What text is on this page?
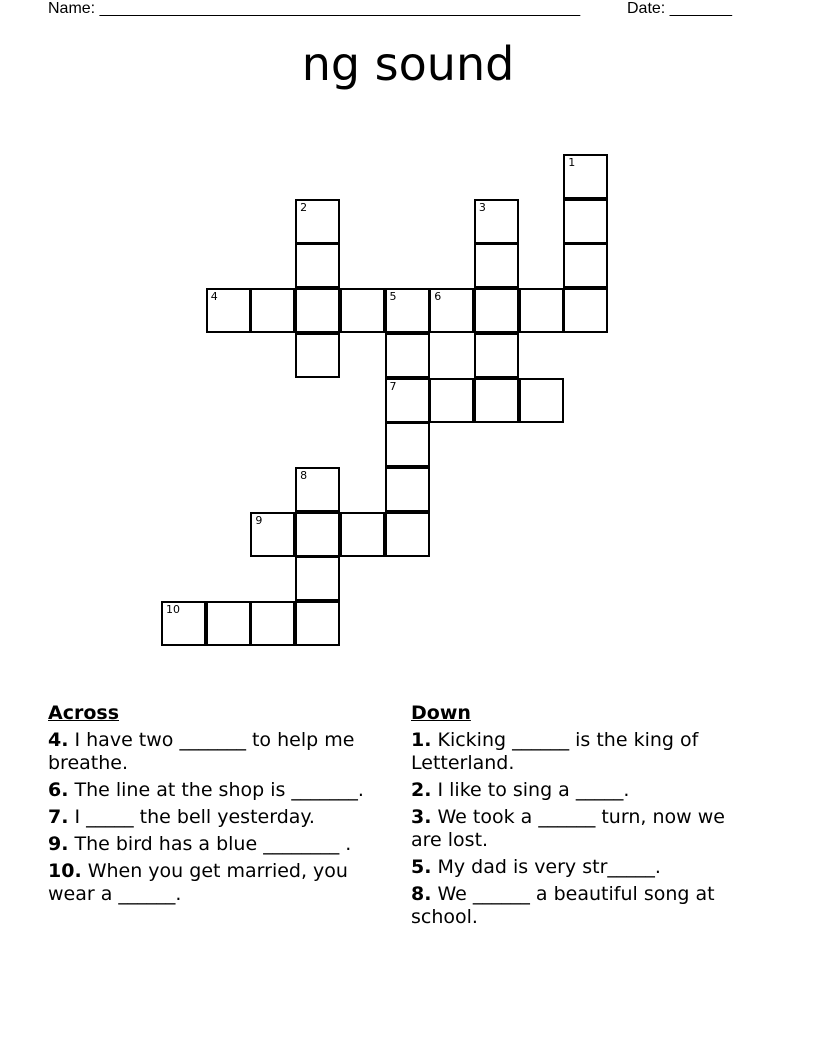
Name: ______________________________________________________	Date: _______
ng sound
1
2	3
4	5	6
7
8
9
10
Across
4. I have two _______ to help me breathe.
6. The line at the shop is _______.
7. I _____ the bell yesterday.
9. The bird has a blue ________ .
10. When you get married, you wear a ______.
Down
1. Kicking ______ is the king of Letterland.
2. I like to sing a _____.
3. We took a ______ turn, now we are lost.
5. My dad is very str_____.
8. We ______ a beautiful song at school.
